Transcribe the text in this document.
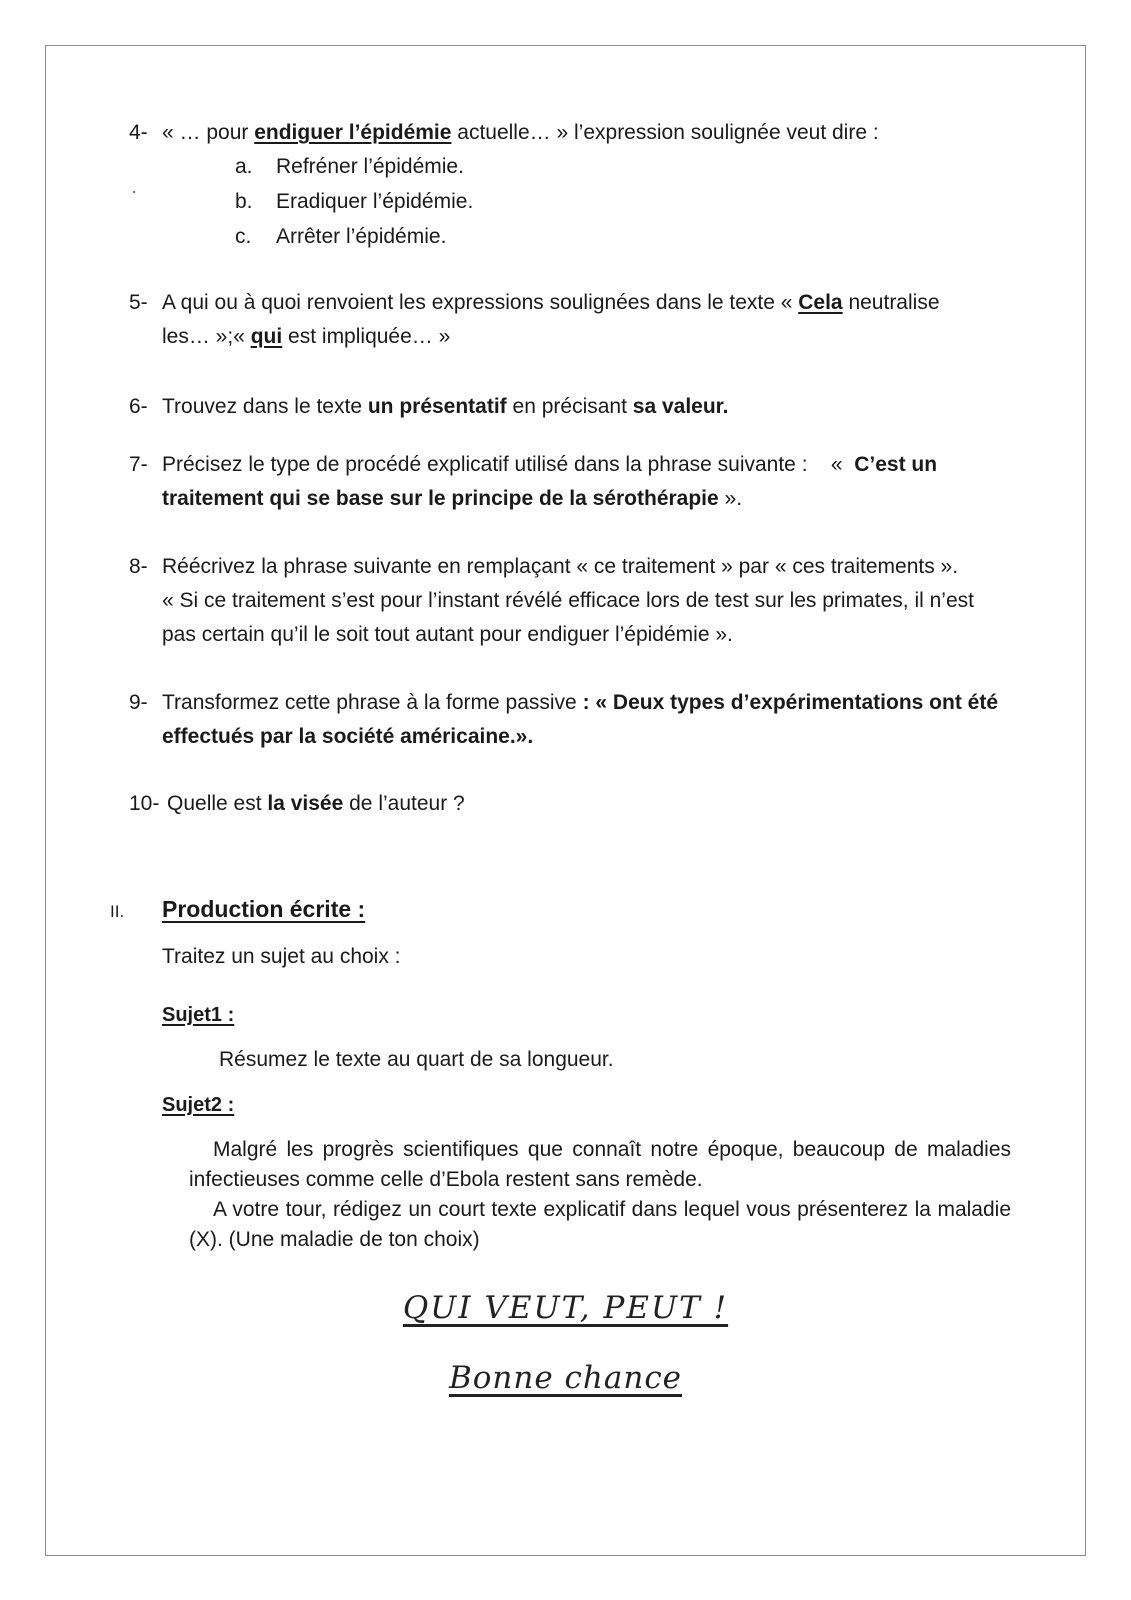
4- « … pour endiguer l’épidémie actuelle… » l’expression soulignée veut dire :
a. Refréner l’épidémie.
b. Eradiquer l’épidémie.
c. Arrêter l’épidémie.
5- A qui ou à quoi renvoient les expressions soulignées dans le texte « Cela neutralise les… »;« qui est impliquée… »
6- Trouvez dans le texte un présentatif en précisant sa valeur.
7- Précisez le type de procédé explicatif utilisé dans la phrase suivante :    «  C’est un traitement qui se base sur le principe de la sérothérapie ».
8- Réécrivez la phrase suivante en remplaçant « ce traitement » par « ces traitements ».
« Si ce traitement s’est pour l’instant révélé efficace lors de test sur les primates, il n’est pas certain qu’il le soit tout autant pour endiguer l’épidémie ».
9- Transformez cette phrase à la forme passive : « Deux types d’expérimentations ont été effectués par la société américaine.».
10- Quelle est la visée de l’auteur ?
II. Production écrite :
Traitez un sujet au choix :
Sujet1 :
Résumez le texte au quart de sa longueur.
Sujet2 :
Malgré les progrès scientifiques que connaît notre époque, beaucoup de maladies infectieuses comme celle d’Ebola restent sans remède.
A votre tour, rédigez un court texte explicatif dans lequel vous présenterez la maladie (X). (Une maladie de ton choix)
QUI VEUT, PEUT !
Bonne chance
